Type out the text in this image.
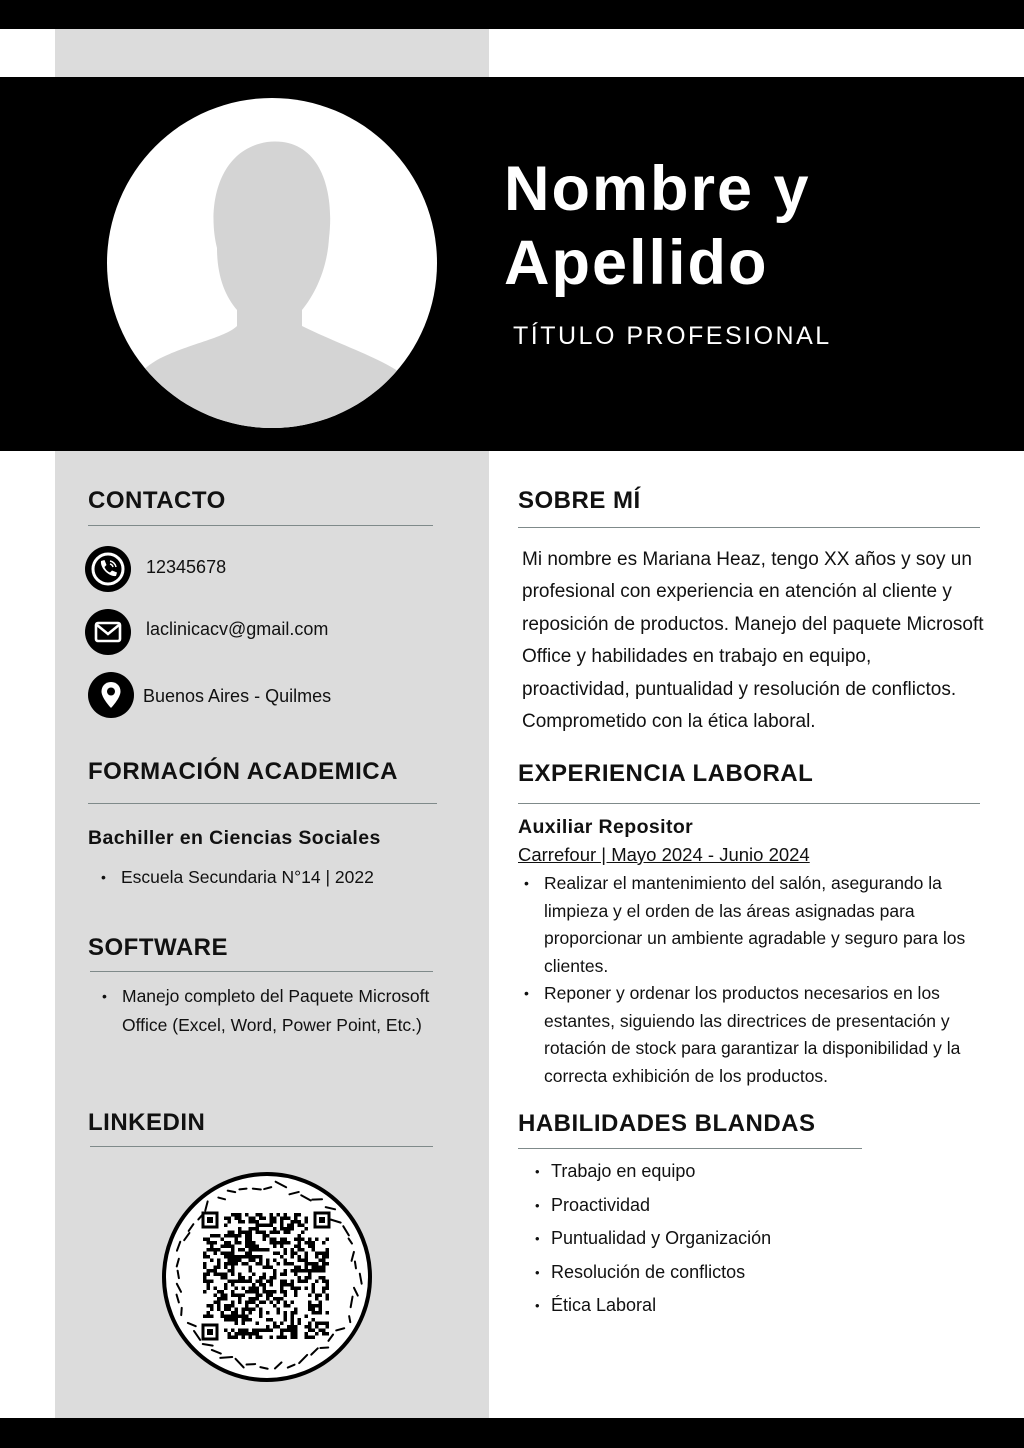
Nombre y Apellido
TÍTULO PROFESIONAL
CONTACTO
12345678
laclinicacv@gmail.com
Buenos Aires - Quilmes
FORMACIÓN ACADEMICA
Bachiller en Ciencias Sociales
• Escuela Secundaria N°14 | 2022
SOFTWARE
• Manejo completo del Paquete Microsoft Office (Excel, Word, Power Point, Etc.)
LINKEDIN
SOBRE MÍ
Mi nombre es Mariana Heaz, tengo XX años y soy un profesional con experiencia en atención al cliente y reposición de productos. Manejo del paquete Microsoft Office y habilidades en trabajo en equipo, proactividad, puntualidad y resolución de conflictos. Comprometido con la ética laboral.
EXPERIENCIA LABORAL
Auxiliar Repositor
Carrefour | Mayo 2024 - Junio 2024
• Realizar el mantenimiento del salón, asegurando la limpieza y el orden de las áreas asignadas para proporcionar un ambiente agradable y seguro para los clientes.
• Reponer y ordenar los productos necesarios en los estantes, siguiendo las directrices de presentación y rotación de stock para garantizar la disponibilidad y la correcta exhibición de los productos.
HABILIDADES BLANDAS
• Trabajo en equipo
• Proactividad
• Puntualidad y Organización
• Resolución de conflictos
• Ética Laboral
